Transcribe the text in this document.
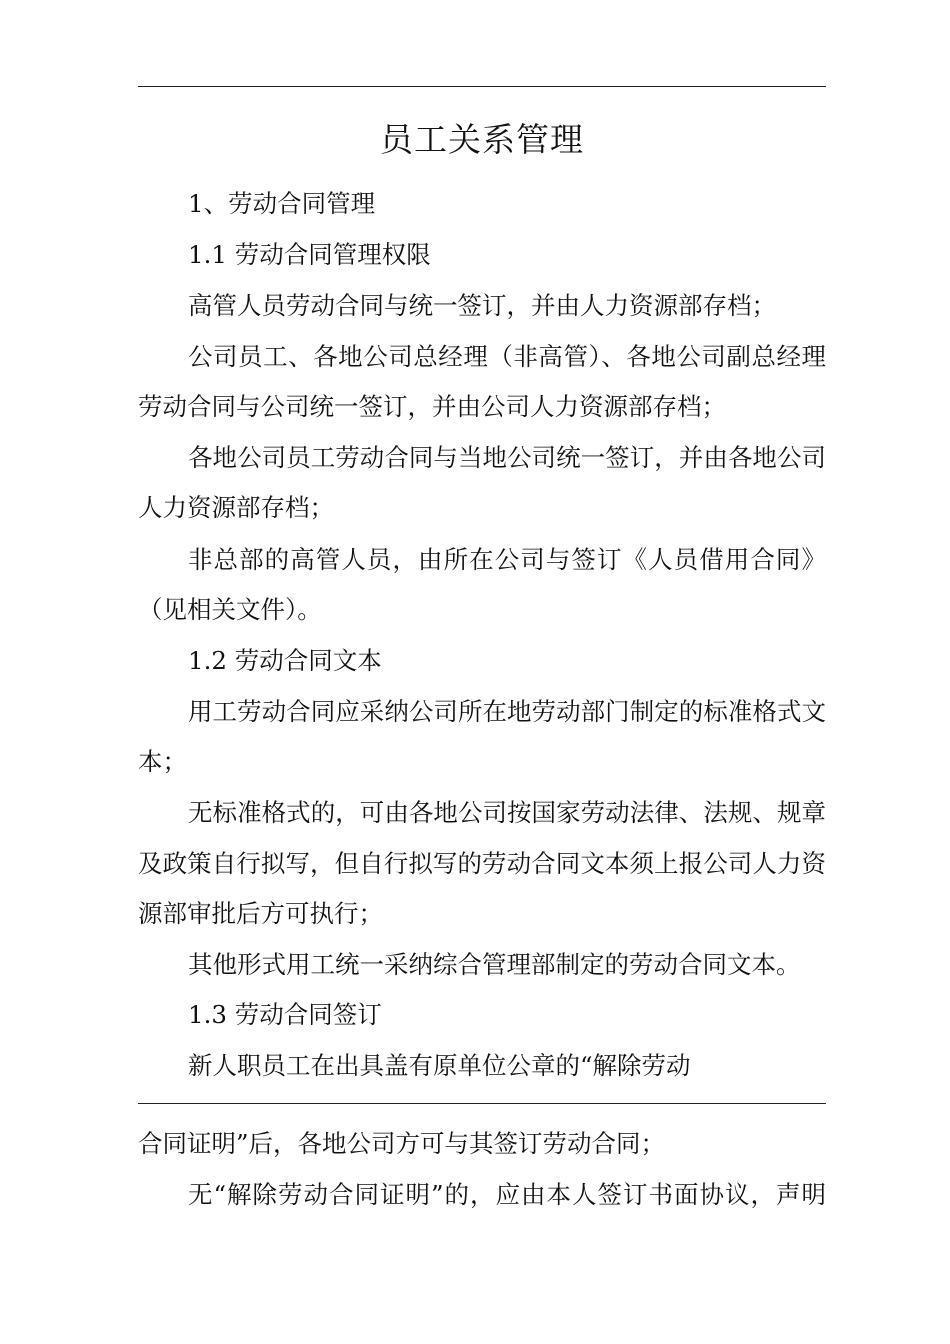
员工关系管理
1、劳动合同管理
1.1 劳动合同管理权限
高管人员劳动合同与统一签订，并由人力资源部存档；
公司员工、各地公司总经理（非高管）、各地公司副总经理
劳动合同与公司统一签订，并由公司人力资源部存档；
各地公司员工劳动合同与当地公司统一签订，并由各地公司
人力资源部存档；
非总部的高管人员，由所在公司与签订《人员借用合同》
（见相关文件）。
1.2 劳动合同文本
用工劳动合同应采纳公司所在地劳动部门制定的标准格式文
本；
无标准格式的，可由各地公司按国家劳动法律、法规、规章
及政策自行拟写，但自行拟写的劳动合同文本须上报公司人力资
源部审批后方可执行；
其他形式用工统一采纳综合管理部制定的劳动合同文本。
1.3 劳动合同签订
新人职员工在出具盖有原单位公章的“解除劳动
合同证明”后，各地公司方可与其签订劳动合同；
无“解除劳动合同证明”的，应由本人签订书面协议，声明
